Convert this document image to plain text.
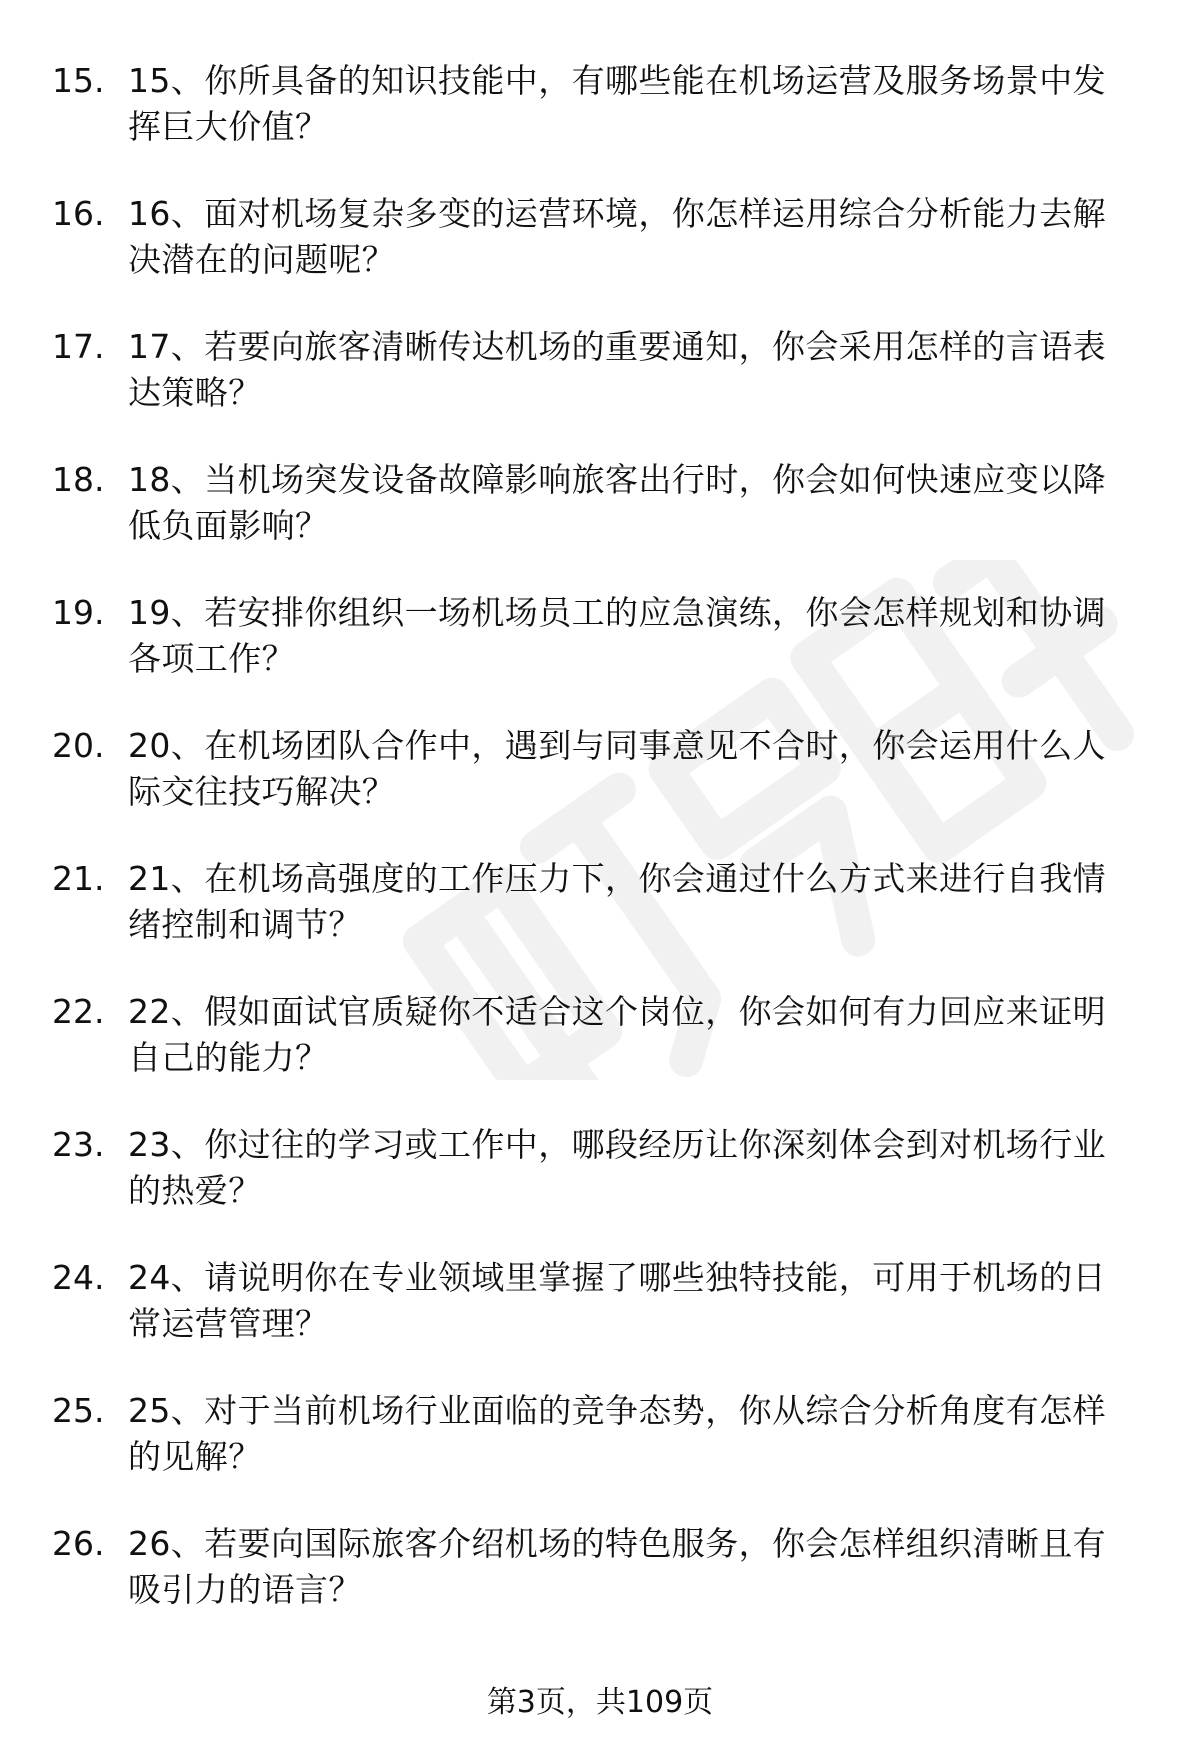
15. 15、你所具备的知识技能中，有哪些能在机场运营及服务场景中发挥巨大价值？
16. 16、面对机场复杂多变的运营环境，你怎样运用综合分析能力去解决潜在的问题呢？
17. 17、若要向旅客清晰传达机场的重要通知，你会采用怎样的言语表达策略？
18. 18、当机场突发设备故障影响旅客出行时，你会如何快速应变以降低负面影响？
19. 19、若安排你组织一场机场员工的应急演练，你会怎样规划和协调各项工作？
20. 20、在机场团队合作中，遇到与同事意见不合时，你会运用什么人际交往技巧解决？
21. 21、在机场高强度的工作压力下，你会通过什么方式来进行自我情绪控制和调节？
22. 22、假如面试官质疑你不适合这个岗位，你会如何有力回应来证明自己的能力？
23. 23、你过往的学习或工作中，哪段经历让你深刻体会到对机场行业的热爱？
24. 24、请说明你在专业领域里掌握了哪些独特技能，可用于机场的日常运营管理？
25. 25、对于当前机场行业面临的竞争态势，你从综合分析角度有怎样的见解？
26. 26、若要向国际旅客介绍机场的特色服务，你会怎样组织清晰且有吸引力的语言？
第3页，共109页
